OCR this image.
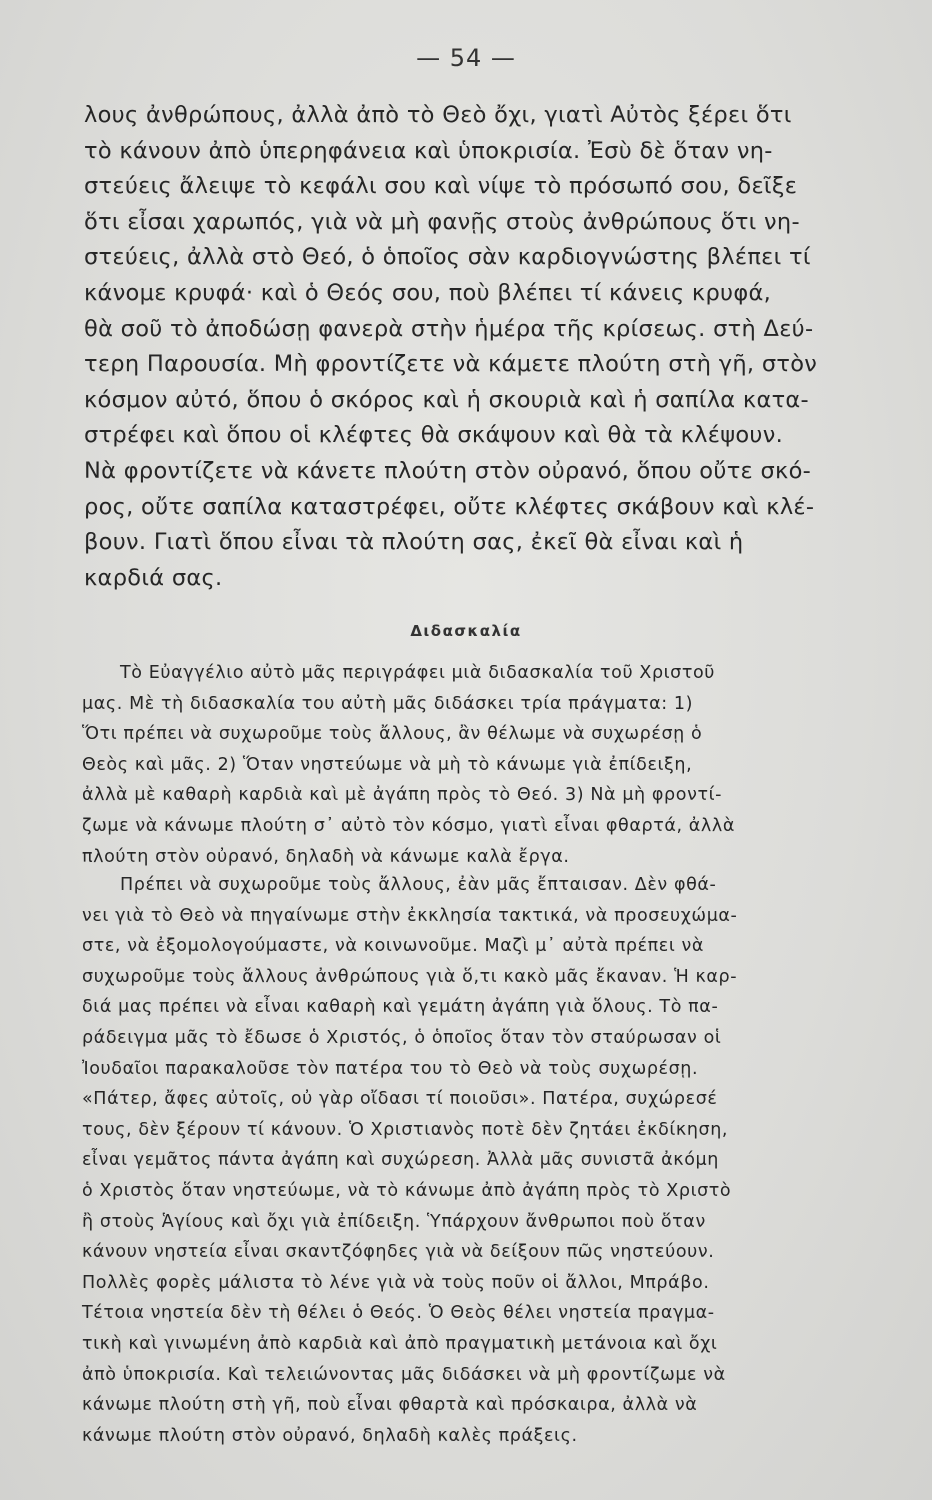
— 54 —
λους ἀνθρώπους, ἀλλὰ ἀπὸ τὸ Θεὸ ὄχι, γιατὶ Αὐτὸς ξέρει ὅτι
τὸ κάνουν ἀπὸ ὑπερηφάνεια καὶ ὑποκρισία. Ἐσὺ δὲ ὅταν νη-
στεύεις ἄλειψε τὸ κεφάλι σου καὶ νίψε τὸ πρόσωπό σου, δεῖξε
ὅτι εἶσαι χαρωπός, γιὰ νὰ μὴ φανῇς στοὺς ἀνθρώπους ὅτι νη-
στεύεις, ἀλλὰ στὸ Θεό, ὁ ὁποῖος σὰν καρδιογνώστης βλέπει τί
κάνομε κρυφά· καὶ ὁ Θεός σου, ποὺ βλέπει τί κάνεις κρυφά,
θὰ σοῦ τὸ ἀποδώσῃ φανερὰ στὴν ἡμέρα τῆς κρίσεως. στὴ Δεύ-
τερη Παρουσία. Μὴ φροντίζετε νὰ κάμετε πλούτη στὴ γῆ, στὸν
κόσμον αὐτό, ὅπου ὁ σκόρος καὶ ἡ σκουριὰ καὶ ἡ σαπίλα κατα-
στρέφει καὶ ὅπου οἱ κλέφτες θὰ σκάψουν καὶ θὰ τὰ κλέψουν.
Νὰ φροντίζετε νὰ κάνετε πλούτη στὸν οὐρανό, ὅπου οὔτε σκό-
ρος, οὔτε σαπίλα καταστρέφει, οὔτε κλέφτες σκάβουν καὶ κλέ-
βουν. Γιατὶ ὅπου εἶναι τὰ πλούτη σας, ἐκεῖ θὰ εἶναι καὶ ἡ
καρδιά σας.
Διδασκαλία
Τὸ Εὐαγγέλιο αὐτὸ μᾶς περιγράφει μιὰ διδασκαλία τοῦ Χριστοῦ
μας. Μὲ τὴ διδασκαλία του αὐτὴ μᾶς διδάσκει τρία πράγματα: 1)
Ὅτι πρέπει νὰ συχωροῦμε τοὺς ἄλλους, ἂν θέλωμε νὰ συχωρέσῃ ὁ
Θεὸς καὶ μᾶς. 2) Ὅταν νηστεύωμε νὰ μὴ τὸ κάνωμε γιὰ ἐπίδειξη,
ἀλλὰ μὲ καθαρὴ καρδιὰ καὶ μὲ ἀγάπη πρὸς τὸ Θεό. 3) Νὰ μὴ φροντί-
ζωμε νὰ κάνωμε πλούτη σ᾽ αὐτὸ τὸν κόσμο, γιατὶ εἶναι φθαρτά, ἀλλὰ
πλούτη στὸν οὐρανό, δηλαδὴ νὰ κάνωμε καλὰ ἔργα.
Πρέπει νὰ συχωροῦμε τοὺς ἄλλους, ἐὰν μᾶς ἔπταισαν. Δὲν φθά-
νει γιὰ τὸ Θεὸ νὰ πηγαίνωμε στὴν ἐκκλησία τακτικά, νὰ προσευχώμα-
στε, νὰ ἐξομολογούμαστε, νὰ κοινωνοῦμε. Μαζὶ μ᾽ αὐτὰ πρέπει νὰ
συχωροῦμε τοὺς ἄλλους ἀνθρώπους γιὰ ὅ,τι κακὸ μᾶς ἔκαναν. Ἡ καρ-
διά μας πρέπει νὰ εἶναι καθαρὴ καὶ γεμάτη ἀγάπη γιὰ ὅλους. Τὸ πα-
ράδειγμα μᾶς τὸ ἔδωσε ὁ Χριστός, ὁ ὁποῖος ὅταν τὸν σταύρωσαν οἱ
Ἰουδαῖοι παρακαλοῦσε τὸν πατέρα του τὸ Θεὸ νὰ τοὺς συχωρέσῃ.
«Πάτερ, ἄφες αὐτοῖς, οὐ γὰρ οἴδασι τί ποιοῦσι». Πατέρα, συχώρεσέ
τους, δὲν ξέρουν τί κάνουν. Ὁ Χριστιανὸς ποτὲ δὲν ζητάει ἐκδίκηση,
εἶναι γεμᾶτος πάντα ἀγάπη καὶ συχώρεση. Ἀλλὰ μᾶς συνιστᾶ ἀκόμη
ὁ Χριστὸς ὅταν νηστεύωμε, νὰ τὸ κάνωμε ἀπὸ ἀγάπη πρὸς τὸ Χριστὸ
ἢ στοὺς Ἁγίους καὶ ὄχι γιὰ ἐπίδειξη. Ὑπάρχουν ἄνθρωποι ποὺ ὅταν
κάνουν νηστεία εἶναι σκαντζόφηδες γιὰ νὰ δείξουν πῶς νηστεύουν.
Πολλὲς φορὲς μάλιστα τὸ λένε γιὰ νὰ τοὺς ποῦν οἱ ἄλλοι, Μπράβο.
Τέτοια νηστεία δὲν τὴ θέλει ὁ Θεός. Ὁ Θεὸς θέλει νηστεία πραγμα-
τικὴ καὶ γινωμένη ἀπὸ καρδιὰ καὶ ἀπὸ πραγματικὴ μετάνοια καὶ ὄχι
ἀπὸ ὑποκρισία. Καὶ τελειώνοντας μᾶς διδάσκει νὰ μὴ φροντίζωμε νὰ
κάνωμε πλούτη στὴ γῆ, ποὺ εἶναι φθαρτὰ καὶ πρόσκαιρα, ἀλλὰ νὰ
κάνωμε πλούτη στὸν οὐρανό, δηλαδὴ καλὲς πράξεις.
